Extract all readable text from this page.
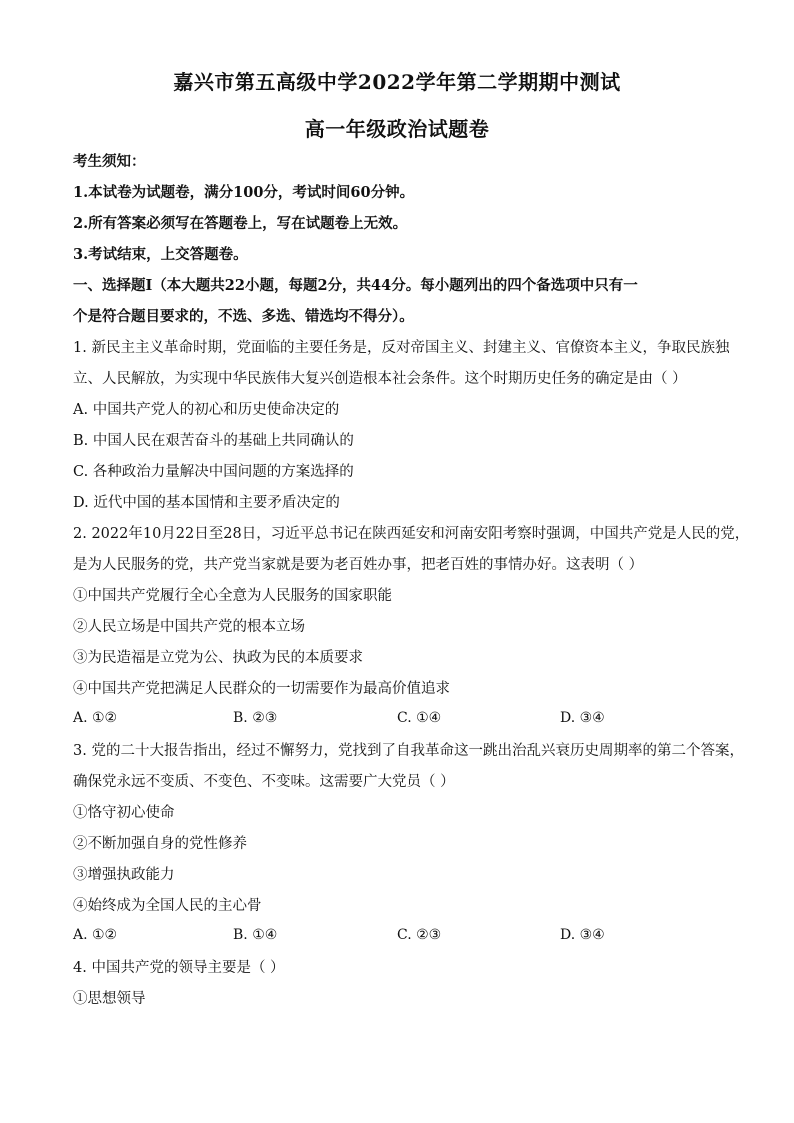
嘉兴市第五高级中学2022学年第二学期期中测试
高一年级政治试题卷
考生须知：
1.本试卷为试题卷，满分100分，考试时间60分钟。
2.所有答案必须写在答题卷上，写在试题卷上无效。
3.考试结束，上交答题卷。
一、选择题Ⅰ（本大题共22小题，每题2分，共44分。每小题列出的四个备选项中只有一
个是符合题目要求的，不选、多选、错选均不得分）。
1. 新民主主义革命时期，党面临的主要任务是，反对帝国主义、封建主义、官僚资本主义，争取民族独
立、人民解放，为实现中华民族伟大复兴创造根本社会条件。这个时期历史任务的确定是由（ ）
A. 中国共产党人的初心和历史使命决定的
B. 中国人民在艰苦奋斗的基础上共同确认的
C. 各种政治力量解决中国问题的方案选择的
D. 近代中国的基本国情和主要矛盾决定的
2. 2022年10月22日至28日，习近平总书记在陕西延安和河南安阳考察时强调，中国共产党是人民的党，
是为人民服务的党，共产党当家就是要为老百姓办事，把老百姓的事情办好。这表明（ ）
①中国共产党履行全心全意为人民服务的国家职能
②人民立场是中国共产党的根本立场
③为民造福是立党为公、执政为民的本质要求
④中国共产党把满足人民群众的一切需要作为最高价值追求
A. ①②	B. ②③	C. ①④	D. ③④
3. 党的二十大报告指出，经过不懈努力，党找到了自我革命这一跳出治乱兴衰历史周期率的第二个答案，
确保党永远不变质、不变色、不变味。这需要广大党员（ ）
①恪守初心使命
②不断加强自身的党性修养
③增强执政能力
④始终成为全国人民的主心骨
A. ①②	B. ①④	C. ②③	D. ③④
4. 中国共产党的领导主要是（ ）
①思想领导
